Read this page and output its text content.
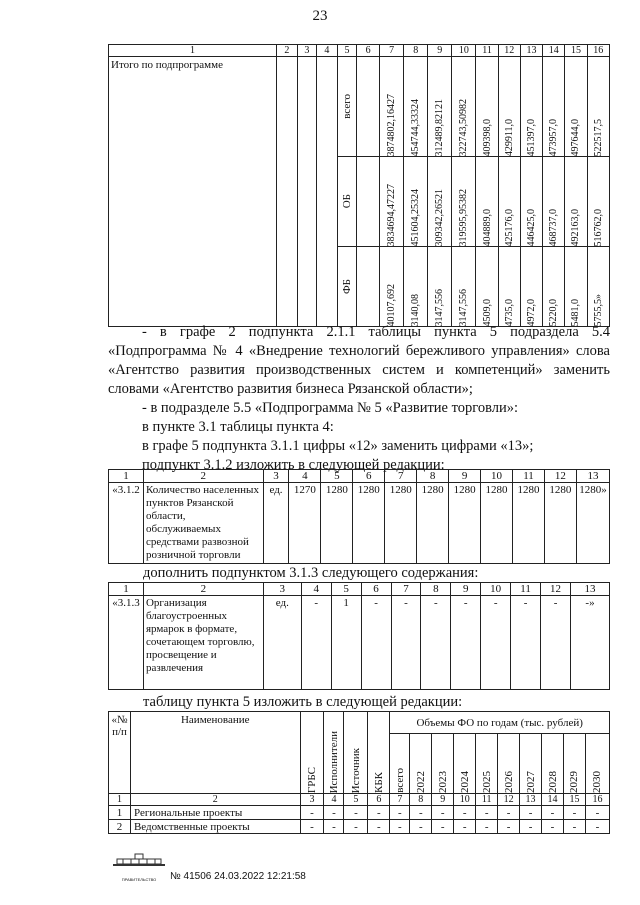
23
1	2	3	4	5	6	7	8	9	10	11	12	13	14	15	16
Итого по подпрограмме				всего		3874802,16427	454744,33324	312489,82121	322743,50982	409398,0	429911,0	451397,0	473957,0	497644,0	522517,5

				ОБ		3834694,47227	451604,25324	309342,26521	319595,95382	404889,0	425176,0	446425,0	468737,0	492163,0	516762,0

				ФБ		40107,692	3140,08	3147,556	3147,556	4509,0	4735,0	4972,0	5220,0	5481,0	5755,5»

- в графе 2 подпункта 2.1.1 таблицы пункта 5 подраздела 5.4

«Подпрограмма № 4 «Внедрение технологий бережливого управления» слова

«Агентство развития производственных систем и компетенций» заменить

словами «Агентство развития бизнеса Рязанской области»;

- в подразделе 5.5 «Подпрограмма № 5 «Развитие торговли»:

в пункте 3.1 таблицы пункта 4:

в графе 5 подпункта 3.1.1 цифры «12» заменить цифрами «13»;

подпункт 3.1.2 изложить в следующей редакции:

1	2	3	4	5	6	7	8	9	10	11	12	13
«3.1.2	Количество населенных пунктов Рязанской области, обслуживаемых средствами развозной розничной торговли	ед.	1270	1280	1280	1280	1280	1280	1280	1280	1280	1280»
дополнить подпунктом 3.1.3 следующего содержания:
1	2	3	4	5	6	7	8	9	10	11	12	13
«3.1.3	Организация благоустроенных ярмарок в формате, сочетающем торговлю, просвещение и развлечения	ед.	-	1	-	-	-	-	-	-	-	-»
таблицу пункта 5 изложить в следующей редакции:
«№ п/п	Наименование	ГРБС	Исполнители	Источник	КБК	Объемы ФО по годам (тыс. рублей)									

						всего	2022	2023	2024	2025	2026	2027	2028	2029	2030

1	2	3	4	5	6	7	8	9	10	11	12	13	14	15	16
1	Региональные проекты	-	-	-	-	-	-	-	-	-	-	-	-	-	-
2	Ведомственные проекты	-	-	-	-	-	-	-	-	-	-	-	-	-	-
ПРАВИТЕЛЬСТВО	№ 41506 24.03.2022 12:21:58
